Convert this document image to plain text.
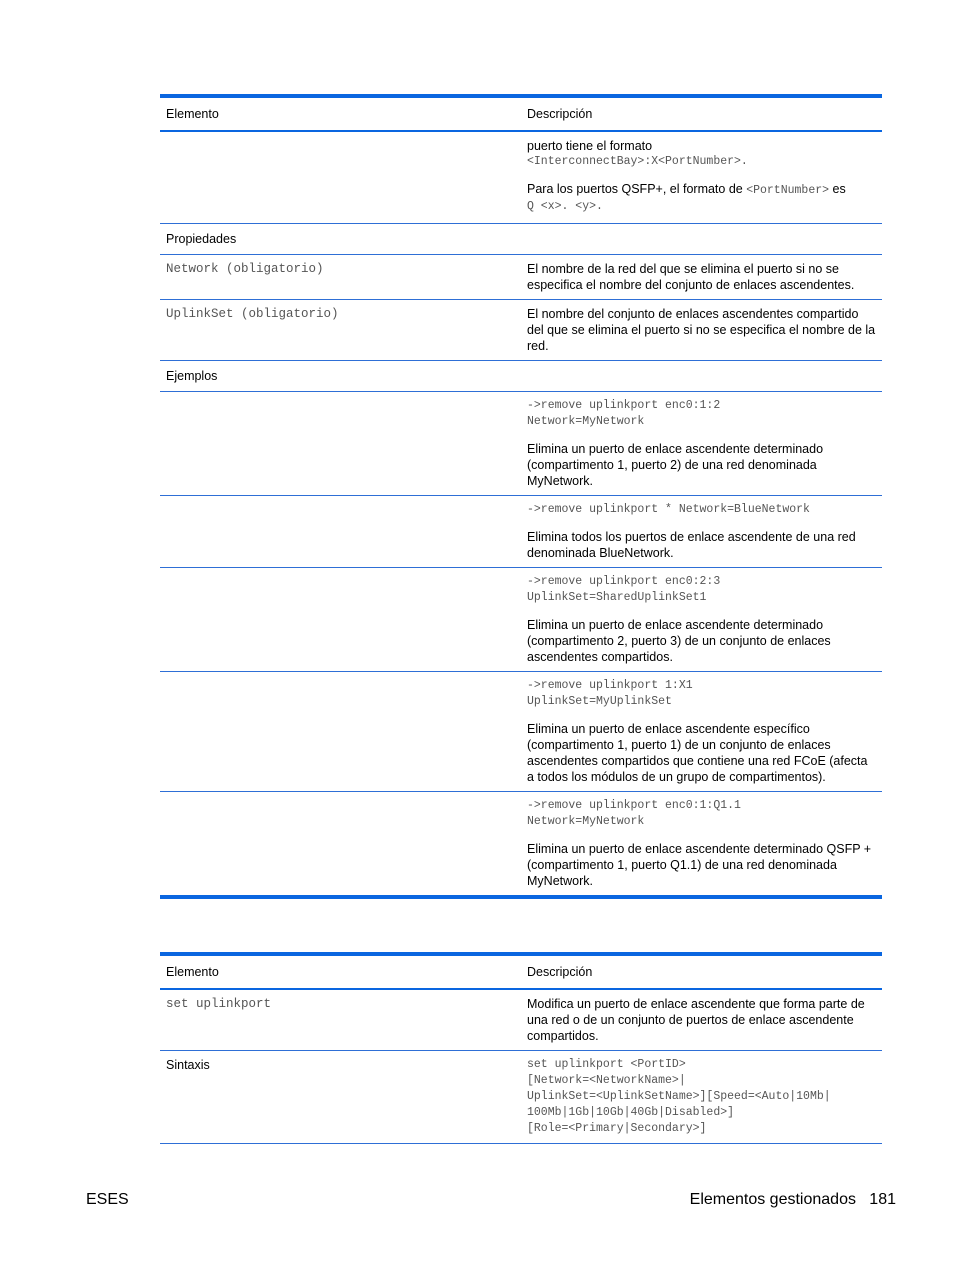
Elemento	Descripción

	puerto tiene el formato

<InterconnectBay>:X<PortNumber>.

Para los puertos QSFP+, el formato de <PortNumber> es

Q <x>. <y>.

Propiedades	
Network (obligatorio)	El nombre de la red del que se elimina el puerto si no se especifica el nombre del conjunto de enlaces ascendentes.
UplinkSet (obligatorio)	El nombre del conjunto de enlaces ascendentes compartido del que se elimina el puerto si no se especifica el nombre de la red.
Ejemplos	

	->remove uplinkport enc0:1:2

Network=MyNetwork

Elimina un puerto de enlace ascendente determinado (compartimento 1, puerto 2) de una red denominada MyNetwork.

	->remove uplinkport * Network=BlueNetwork

Elimina todos los puertos de enlace ascendente de una red denominada BlueNetwork.

	->remove uplinkport enc0:2:3

UplinkSet=SharedUplinkSet1

Elimina un puerto de enlace ascendente determinado (compartimento 2, puerto 3) de un conjunto de enlaces ascendentes compartidos.

	->remove uplinkport 1:X1

UplinkSet=MyUplinkSet

Elimina un puerto de enlace ascendente específico (compartimento 1, puerto 1) de un conjunto de enlaces ascendentes compartidos que contiene una red FCoE (afecta a todos los módulos de un grupo de compartimentos).

	->remove uplinkport enc0:1:Q1.1

Network=MyNetwork

Elimina un puerto de enlace ascendente determinado QSFP + (compartimento 1, puerto Q1.1) de una red denominada MyNetwork.

Elemento	Descripción
set uplinkport	Modifica un puerto de enlace ascendente que forma parte de una red o de un conjunto de puertos de enlace ascendente compartidos.
Sintaxis	set uplinkport <PortID>

[Network=<NetworkName>|

UplinkSet=<UplinkSetName>][Speed=<Auto|10Mb|

100Mb|1Gb|10Gb|40Gb|Disabled>]

[Role=<Primary|Secondary>]

ESES	Elementos gestionados   181
